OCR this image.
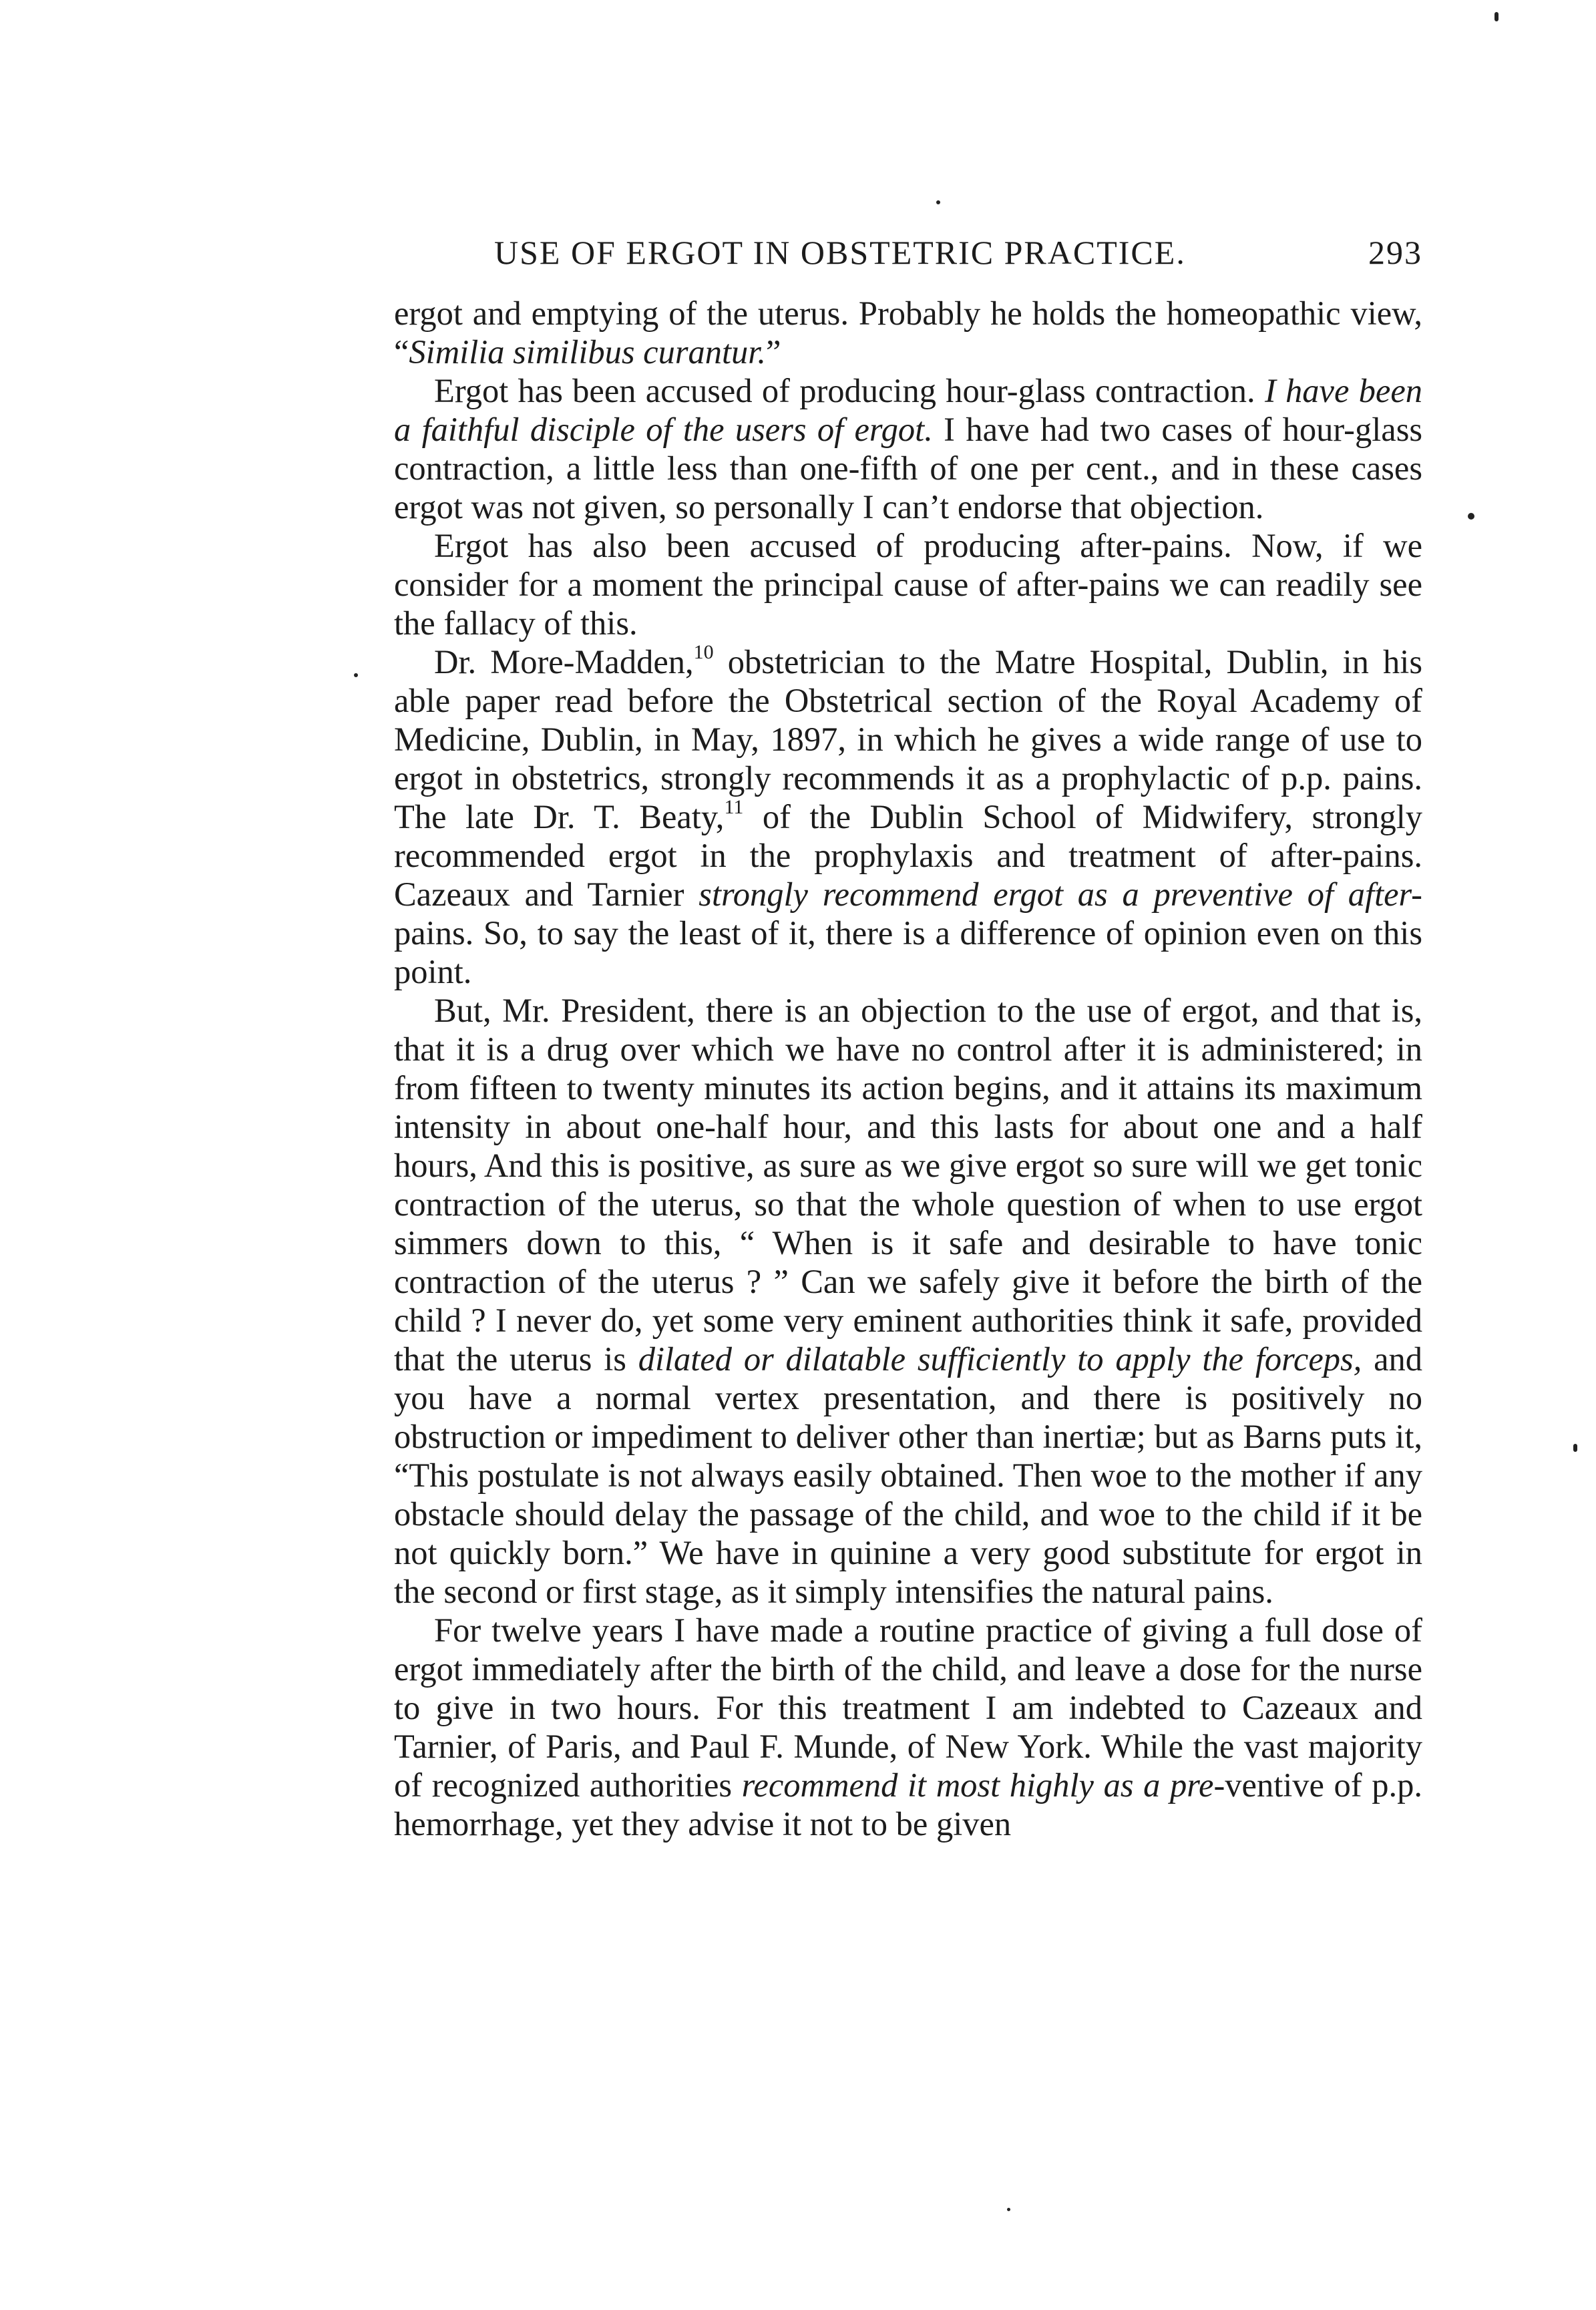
USE OF ERGOT IN OBSTETRIC PRACTICE.	293

ergot and emptying of the uterus. Probably he holds the homeopathic view, “Similia similibus curantur.”

Ergot has been accused of producing hour-glass contraction. I have been a faithful disciple of the users of ergot. I have had two cases of hour-glass contraction, a little less than one-fifth of one per cent., and in these cases ergot was not given, so personally I can’t endorse that objection.

Ergot has also been accused of producing after-pains. Now, if we consider for a moment the principal cause of after-pains we can readily see the fallacy of this.

Dr. More-Madden,$^{10}$ obstetrician to the Matre Hospital, Dublin, in his able paper read before the Obstetrical section of the Royal Academy of Medicine, Dublin, in May, 1897, in which he gives a wide range of use to ergot in obstetrics, strongly recommends it as a prophylactic of p.p. pains. The late Dr. T. Beaty,$^{11}$ of the Dublin School of Midwifery, strongly recommended ergot in the prophylaxis and treatment of after-pains. Cazeaux and Tarnier strongly recommend ergot as a preventive of after-pains. So, to say the least of it, there is a difference of opinion even on this point.

But, Mr. President, there is an objection to the use of ergot, and that is, that it is a drug over which we have no control after it is administered; in from fifteen to twenty minutes its action begins, and it attains its maximum intensity in about one-half hour, and this lasts for about one and a half hours, And this is positive, as sure as we give ergot so sure will we get tonic contraction of the uterus, so that the whole question of when to use ergot simmers down to this, “ When is it safe and desirable to have tonic contraction of the uterus ? ” Can we safely give it before the birth of the child ? I never do, yet some very eminent authorities think it safe, provided that the uterus is dilated or dilatable sufficiently to apply the forceps, and you have a normal vertex presentation, and there is positively no obstruction or impediment to deliver other than inertiæ; but as Barns puts it, “This postulate is not always easily obtained. Then woe to the mother if any obstacle should delay the passage of the child, and woe to the child if it be not quickly born.” We have in quinine a very good substitute for ergot in the second or first stage, as it simply intensifies the natural pains.

For twelve years I have made a routine practice of giving a full dose of ergot immediately after the birth of the child, and leave a dose for the nurse to give in two hours. For this treatment I am indebted to Cazeaux and Tarnier, of Paris, and Paul F. Munde, of New York. While the vast majority of recognized authorities recommend it most highly as a pre-ventive of p.p. hemorrhage, yet they advise it not to be given
